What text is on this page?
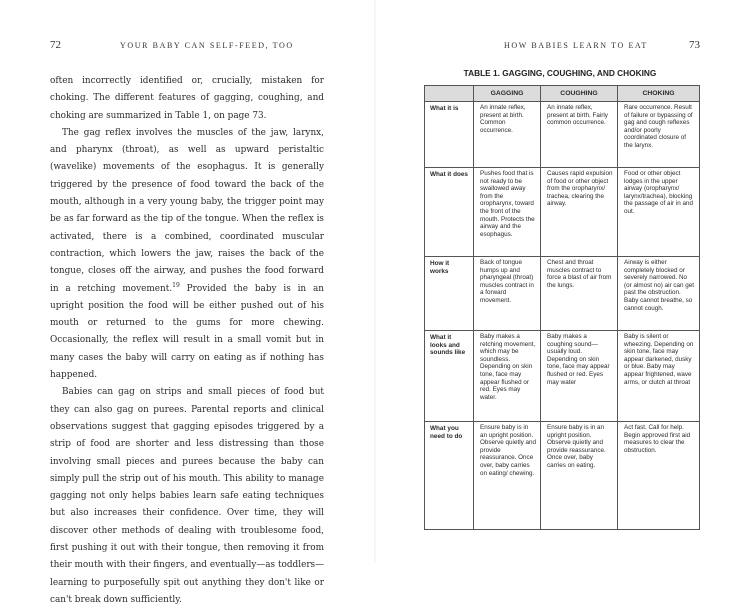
72	YOUR BABY CAN SELF-FEED, TOO

often incorrectly identified or, crucially, mistaken for choking. The different features of gagging, coughing, and choking are summarized in Table 1, on page 73.

The gag reflex involves the muscles of the jaw, larynx, and pharynx (throat), as well as upward peristaltic (wavelike) movements of the esophagus. It is generally triggered by the presence of food toward the back of the mouth, although in a very young baby, the trigger point may be as far forward as the tip of the tongue. When the reflex is activated, there is a combined, coordinated muscular contraction, which lowers the jaw, raises the back of the tongue, closes off the airway, and pushes the food forward in a retching movement.$^{19}$ Provided the baby is in an upright position the food will be either pushed out of his mouth or returned to the gums for more chewing. Occasionally, the reflex will result in a small vomit but in many cases the baby will carry on eating as if nothing has happened.

Babies can gag on strips and small pieces of food but they can also gag on purees. Parental reports and clinical observations suggest that gagging episodes triggered by a strip of food are shorter and less distressing than those involving small pieces and purees because the baby can simply pull the strip out of his mouth. This ability to manage gagging not only helps babies learn safe eating techniques but also increases their confidence. Over time, they will discover other methods of dealing with troublesome food, first pushing it out with their tongue, then removing it from their mouth with their fingers, and eventually—as toddlers—learning to purposefully spit out anything they don't like or can't break down sufficiently.

HOW BABIES LEARN TO EAT	73
TABLE 1. GAGGING, COUGHING, AND CHOKING
	GAGGING	COUGHING	CHOKING
What it is	An innate reflex, present at birth. Common occurrence.	An innate reflex, present at birth. Fairly common occurrence.	Rare occurrence. Result of failure or bypassing of gag and cough reflexes and/or poorly coordinated closure of the larynx.
What it does	Pushes food that is not ready to be swallowed away from the oropharynx, toward the front of the mouth. Protects the airway and the esophagus.	Causes rapid expulsion of food or other object from the oropharynx/ trachea, clearing the airway.	Food or other object lodges in the upper airway (oropharynx/ larynx/trachea), blocking the passage of air in and out.
How it works	Back of tongue humps up and pharyngeal (throat) muscles contract in a forward movement.	Chest and throat muscles contract to force a blast of air from the lungs.	Airway is either completely blocked or severely narrowed. No (or almost no) air can get past the obstruction. Baby cannot breathe, so cannot cough.
What it looks and sounds like	Baby makes a retching movement, which may be soundless. Depending on skin tone, face may appear flushed or red. Eyes may water.	Baby makes a coughing sound— usually loud. Depending on skin tone, face may appear flushed or red. Eyes may water	Baby is silent or wheezing. Depending on skin tone, face may appear darkened, dusky or blue. Baby may appear frightened, wave arms, or clutch at throat
What you need to do	Ensure baby is in an upright position. Observe quietly and provide reassurance. Once over, baby carries on eating/ chewing.	Ensure baby is in an upright position. Observe quietly and provide reassurance. Once over, baby carries on eating.	Act fast. Call for help. Begin approved first aid measures to clear the obstruction.
